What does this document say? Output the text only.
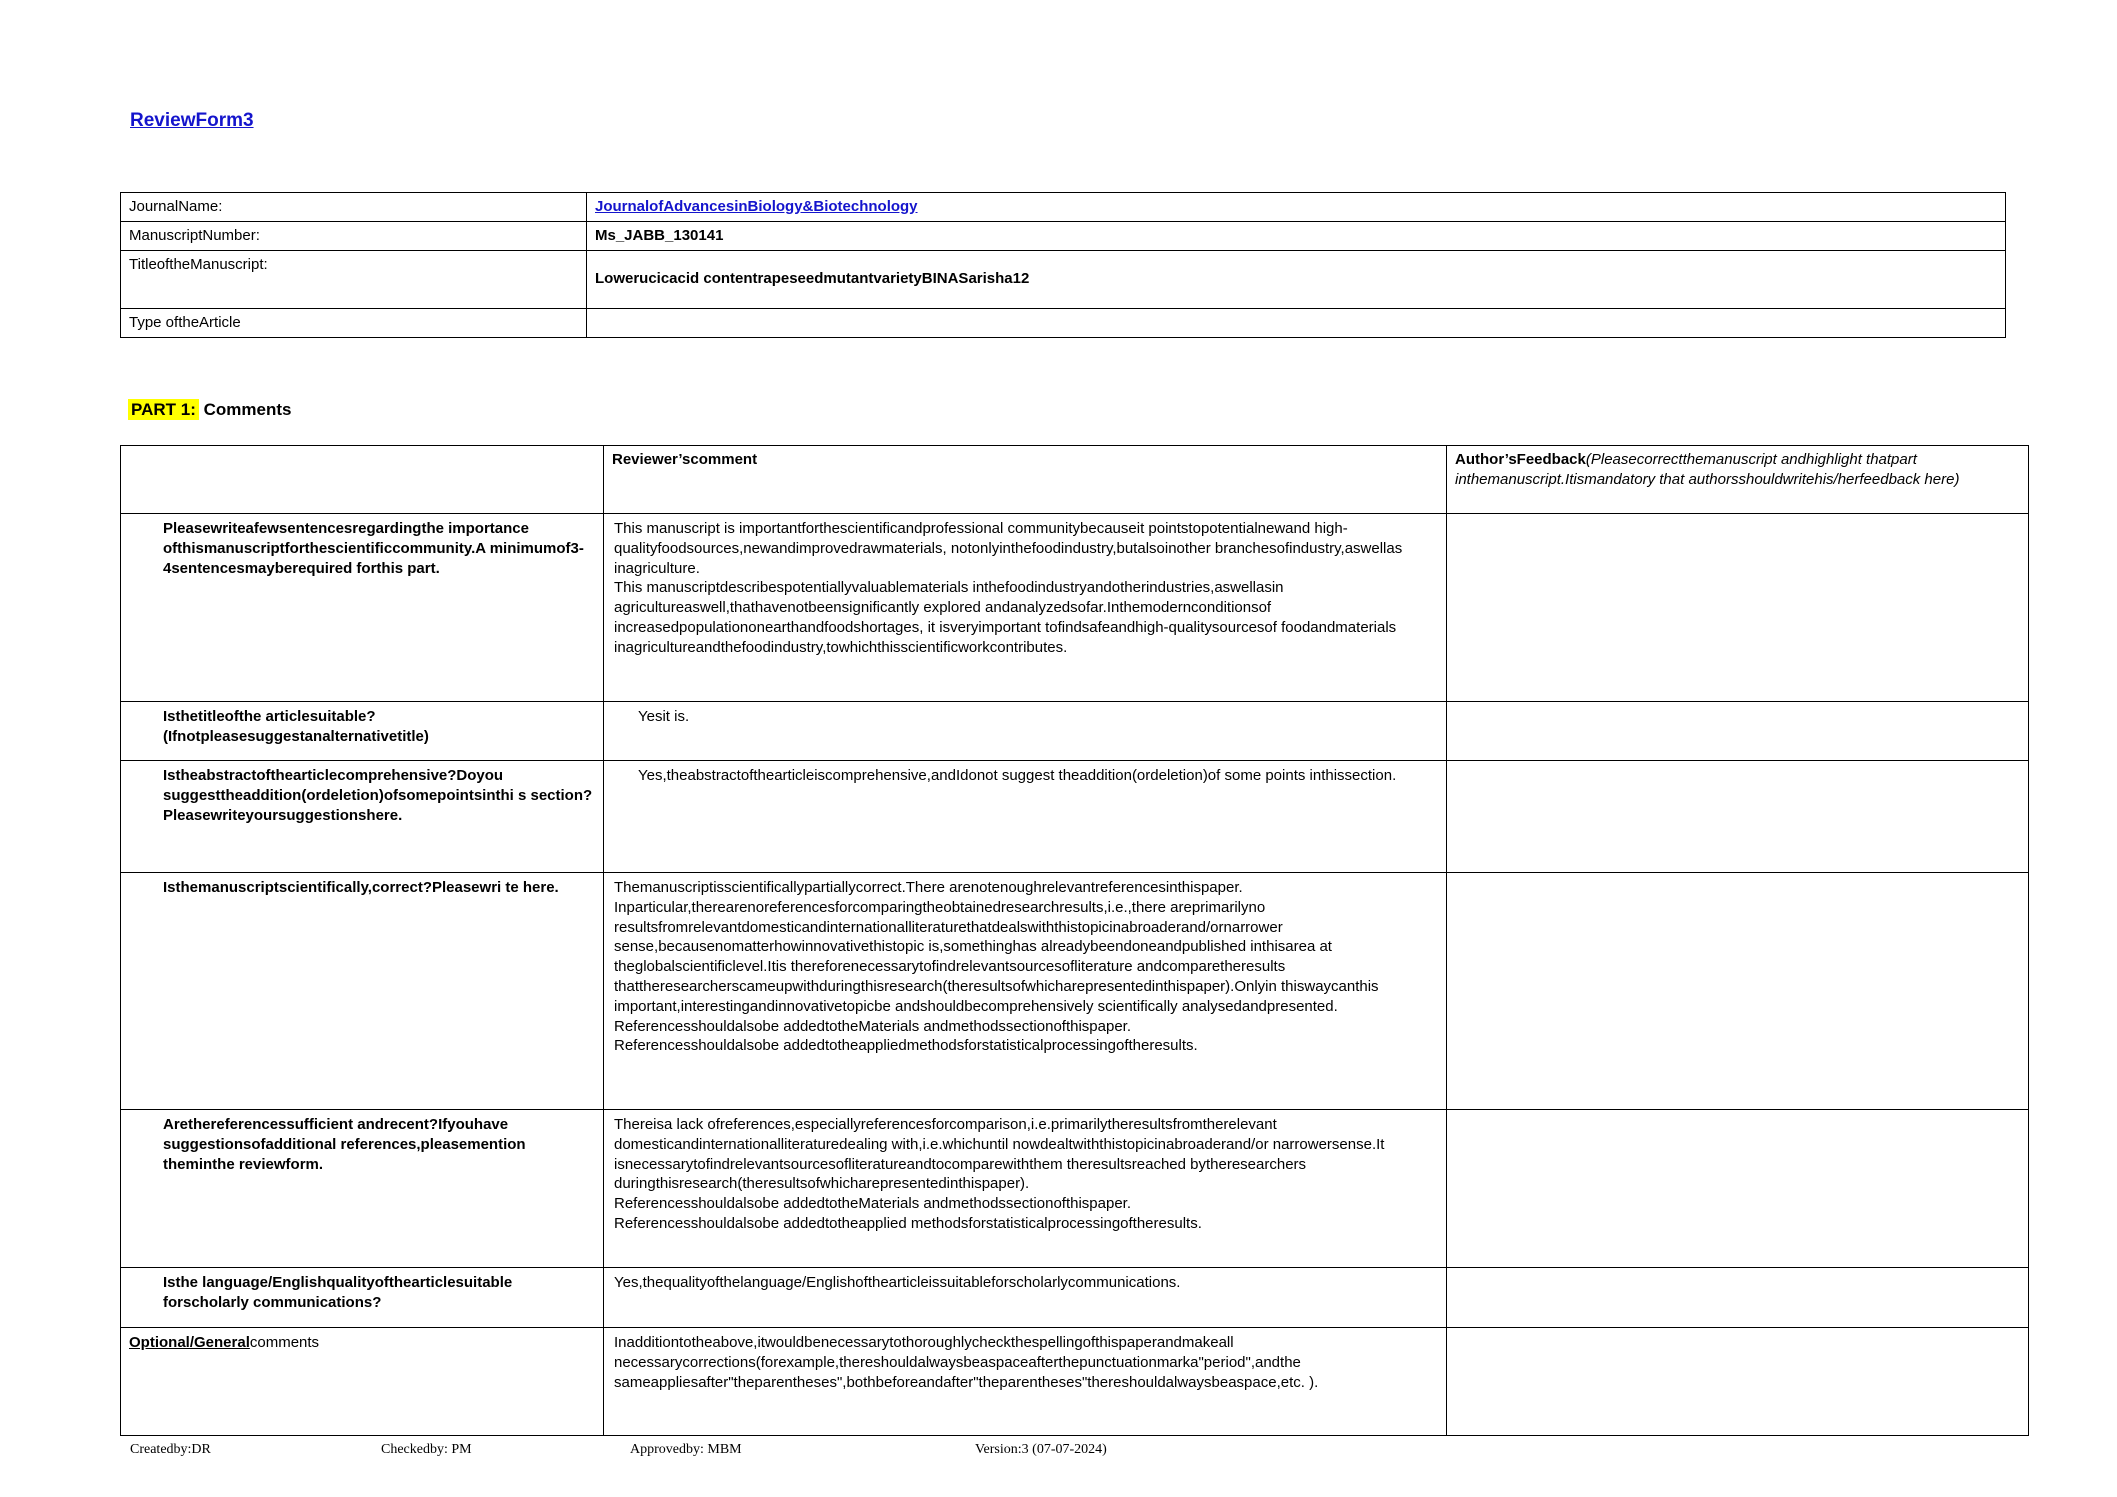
ReviewForm3
JournalName:	JournalofAdvancesinBiology&Biotechnology
ManuscriptNumber:	Ms_JABB_130141
TitleoftheManuscript:	Lowerucicacid contentrapeseedmutantvarietyBINASarisha12
Type oftheArticle	
PART 1: Comments
	Reviewer’scomment	Author’sFeedback(Pleasecorrectthemanuscript andhighlight thatpart inthemanuscript.Itismandatory that authorsshouldwritehis/herfeedback here)
Pleasewriteafewsentencesregardingthe importance ofthismanuscriptforthescientificcommunity.A minimumof3-4sentencesmayberequired forthis part.	This manuscript is importantforthescientificandprofessional communitybecauseit pointstopotentialnewand high-qualityfoodsources,newandimprovedrawmaterials, notonlyinthefoodindustry,butalsoinother branchesofindustry,aswellas inagriculture.

This manuscriptdescribespotentiallyvaluablematerials inthefoodindustryandotherindustries,aswellasin agricultureaswell,thathavenotbeensignificantly explored andanalyzedsofar.Inthemodernconditionsof increasedpopulationonearthandfoodshortages, it isveryimportant tofindsafeandhigh-qualitysourcesof foodandmaterials inagricultureandthefoodindustry,towhichthisscientificworkcontributes.	

Isthetitleofthe articlesuitable? (Ifnotpleasesuggestanalternativetitle)	Yesit is.	

Istheabstractofthearticlecomprehensive?Doyou suggesttheaddition(ordeletion)ofsomepointsinthi s section?Pleasewriteyoursuggestionshere.	Yes,theabstractofthearticleiscomprehensive,andIdonot suggest theaddition(ordeletion)of some points inthissection.	

Isthemanuscriptscientifically,correct?Pleasewri te here.	Themanuscriptisscientificallypartiallycorrect.There arenotenoughrelevantreferencesinthispaper. Inparticular,therearenoreferencesforcomparingtheobtainedresearchresults,i.e.,there areprimarilyno resultsfromrelevantdomesticandinternationalliteraturethatdealswiththistopicinabroaderand/ornarrower sense,becausenomatterhowinnovativethistopic is,somethinghas alreadybeendoneandpublished inthisarea at theglobalscientificlevel.Itis thereforenecessarytofindrelevantsourcesofliterature andcomparetheresults thattheresearcherscameupwithduringthisresearch(theresultsofwhicharepresentedinthispaper).Onlyin thiswaycanthis important,interestingandinnovativetopicbe andshouldbecomprehensively scientifically analysedandpresented.

Referencesshouldalsobe addedtotheMaterials andmethodssectionofthispaper.

Referencesshouldalsobe addedtotheappliedmethodsforstatisticalprocessingoftheresults.	

Arethereferencessufficient andrecent?Ifyouhave suggestionsofadditional references,pleasemention theminthe reviewform.	Thereisa lack ofreferences,especiallyreferencesforcomparison,i.e.primarilytheresultsfromtherelevant domesticandinternationalliteraturedealing with,i.e.whichuntil nowdealtwiththistopicinabroaderand/or narrowersense.It isnecessarytofindrelevantsourcesofliteratureandtocomparewiththem theresultsreached bytheresearchers duringthisresearch(theresultsofwhicharepresentedinthispaper).

Referencesshouldalsobe addedtotheMaterials andmethodssectionofthispaper.

Referencesshouldalsobe addedtotheapplied methodsforstatisticalprocessingoftheresults.	

Isthe language/Englishqualityofthearticlesuitable forscholarly communications?	Yes,thequalityofthelanguage/Englishofthearticleissuitableforscholarlycommunications.	

Optional/Generalcomments	Inadditiontotheabove,itwouldbenecessarytothoroughlycheckthespellingofthispaperandmakeall necessarycorrections(forexample,thereshouldalwaysbeaspaceafterthepunctuationmarka"period",andthe sameappliesafter"theparentheses",bothbeforeandafter"theparentheses"thereshouldalwaysbeaspace,etc. ).	

Createdby:DR	Checkedby: PM	Approvedby: MBM	Version:3 (07-07-2024)
